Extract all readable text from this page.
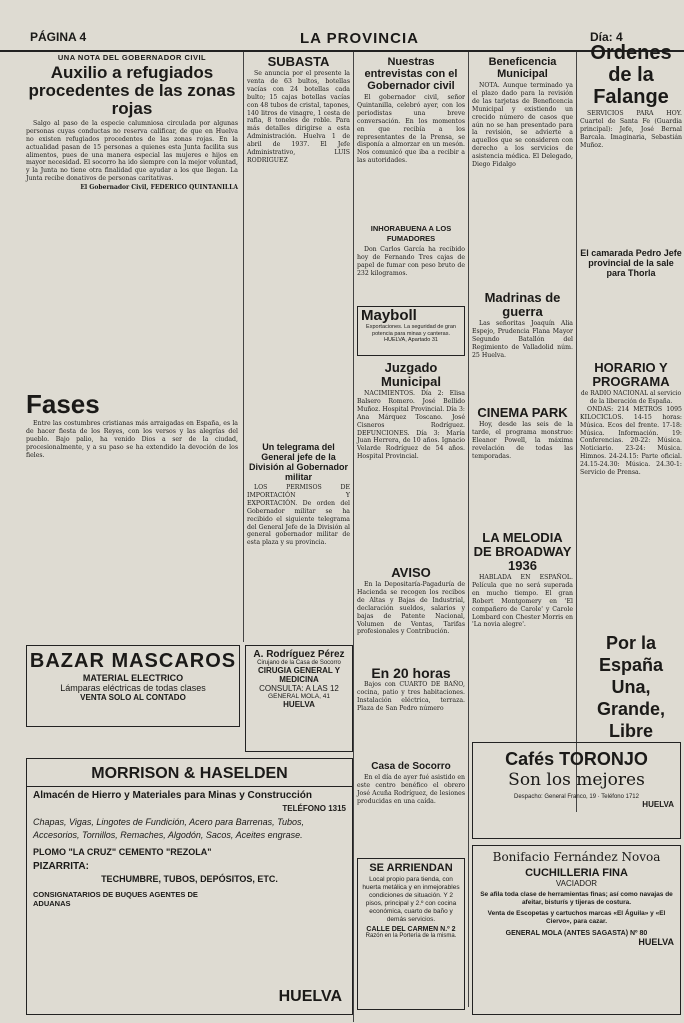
PÁGINA 4	LA PROVINCIA	Día: 4
UNA NOTA DEL GOBERNADOR CIVIL
Auxilio a refugiados procedentes de las zonas rojas

Salgo al paso de la especie calumniosa circulada por algunas personas cuyas conductas no reserva calificar, de que en Huelva no existen refugiados procedentes de las zonas rojas. En la actualidad pasan de 15 personas a quienes esta Junta facilita sus alimentos, pues de una manera especial las mujeres e hijos en mayor necesidad. El socorro ha ido siempre con la mejor voluntad, y la Junta no tiene otra finalidad que ayudar a los que llegan. La Junta recibe donativos de personas caritativas.

El Gobernador Civil, FEDERICO QUINTANILLA
Fases

Entre las costumbres cristianas más arraigadas en España, es la de hacer fiesta de los Reyes, con los versos y las alegrías del pueblo. Bajo palio, ha venido Dios a ser de la ciudad, procesionalmente, y a su paso se ha extendido la devoción de los fieles.

SUBASTA

Se anuncia por el presente la venta de 63 bultos, botellas vacías con 24 botellas cada bulto; 15 cajas botellas vacías con 48 tubos de cristal, tapones, 140 litros de vinagre, 1 cesta de rafia, 8 toneles de roble. Para más detalles dirigirse a esta Administración. Huelva 1 de abril de 1937. El Jefe Administrativo, LUIS RODRIGUEZ

Un telegrama del General jefe de la División al Gobernador militar

LOS PERMISOS DE IMPORTACIÓN Y EXPORTACIÓN. De orden del Gobernador militar se ha recibido el siguiente telegrama del General Jefe de la División al general gobernador militar de esta plaza y su provincia.

Nuestras entrevistas con el Gobernador civil

El gobernador civil, señor Quintanilla, celebró ayer, con los periodistas una breve conversación. En los momentos en que recibía a los representantes de la Prensa, se disponía a almorzar en un mesón. Nos comunicó que iba a recibir a las autoridades.

INHORABUENA A LOS FUMADORES

Don Carlos García ha recibido hoy de Fernando Tres cajas de papel de fumar con peso bruto de 232 kilogramos.

Mayboll
Exportaciones. La seguridad de gran potencia para minas y canteras. HUELVA, Apartado 31
Juzgado Municipal

NACIMIENTOS. Día 2: Elisa Balsero Romero. José Bellido Muñoz. Hospital Provincial. Día 3: Ana Márquez Toscano. José Cisneros Rodríguez. DEFUNCIONES. Día 3: María Juan Herrera, de 10 años. Ignacio Velarde Rodríguez de 54 años. Hospital Provincial.

AVISO

En la Depositaría-Pagaduría de Hacienda se recogen los recibos de Altas y Bajas de Industrial, declaración sueldos, salarios y bajas de Patente Nacional, Volumen de Ventas, Tarifas profesionales y Contribución.

Beneficencia Municipal

NOTA. Aunque terminado ya el plazo dado para la revisión de las tarjetas de Beneficencia Municipal y existiendo un crecido número de casos que aún no se han presentado para la revisión, se advierte a aquellos que se consideren con derecho a los servicios de asistencia médica. El Delegado, Diego Fidalgo

Madrinas de guerra

Las señoritas Joaquín Alia Espejo, Prudencia Flana Mayor Segundo Batallón del Regimiento de Valladolid núm. 25 Huelva.

CINEMA PARK

Hoy, desde las seis de la tarde, el programa monstruo: Eleanor Powell, la máxima revelación de todas las temporadas.

LA MELODIA DE BROADWAY 1936

HABLADA EN ESPAÑOL. Película que no será superada en mucho tiempo. El gran Robert Montgomery en 'El compañero de Carole' y Carole Lombard con Chester Morris en 'La novia alegre'.

Ordenes de la Falange

SERVICIOS PARA HOY. Cuartel de Santa Fe (Guardia principal): Jefe, José Bernal Barcala. Imaginaria, Sebastián Muñoz.

El camarada Pedro Jefe provincial de la sale para Thorla
HORARIO Y PROGRAMA
de RADIO NACIONAL al servicio de la liberación de España.

ONDAS: 214 METROS 1095 KILOCICLOS. 14-15 horas: Música. Ecos del frente. 17-18: Música. Información. 19: Conferencias. 20-22: Música. Noticiario. 23-24: Música. Himnos. 24-24.15: Parte oficial. 24.15-24.30: Música. 24.30-1: Servicio de Prensa.

Por la España Una, Grande, Libre
BAZAR MASCAROS
MATERIAL ELECTRICO
Lámparas eléctricas de todas clases
VENTA SOLO AL CONTADO
A. Rodríguez Pérez
Cirujano de la Casa de Socorro
CIRUGIA GENERAL Y MEDICINA
CONSULTA: A LAS 12
GENERAL MOLA, 41
HUELVA
MORRISON & HASELDEN
Almacén de Hierro y Materiales para Minas y Construcción
TELÉFONO 1315
Chapas, Vigas, Lingotes de Fundición, Acero para Barrenas, Tubos, Accesorios, Tornillos, Remaches, Algodón, Sacos, Aceites engrase.
PLOMO "LA CRUZ" CEMENTO "REZOLA"
PIZARRITA:
TECHUMBRE, TUBOS, DEPÓSITOS, ETC.
CONSIGNATARIOS DE BUQUES AGENTES DE ADUANAS
HUELVA
Casa de Socorro

En el día de ayer fué asistido en este centro benéfico el obrero José Acuña Rodríguez, de lesiones producidas en una caída.

En 20 horas

Bajos con CUARTO DE BAÑO, cocina, patio y tres habitaciones. Instalación eléctrica, terraza. Plaza de San Pedro número

SE ARRIENDAN
Local propio para tienda, con huerta metálica y en inmejorables condiciones de situación. Y 2 pisos, principal y 2.º con cocina económica, cuarto de baño y demás servicios.
CALLE DEL CARMEN N.º 2
Razón en la Portería de la misma.
Cafés TORONJO
Son los mejores
Despacho: General Franco, 19 · Teléfono 1712
HUELVA
Bonifacio Fernández Novoa
CUCHILLERIA FINA
VACIADOR
Se afila toda clase de herramientas finas; así como navajas de afeitar, bisturís y tijeras de costura.
Venta de Escopetas y cartuchos marcas «El Águila» y «El Ciervo», para cazar.
GENERAL MOLA (ANTES SAGASTA) Nº 80
HUELVA
